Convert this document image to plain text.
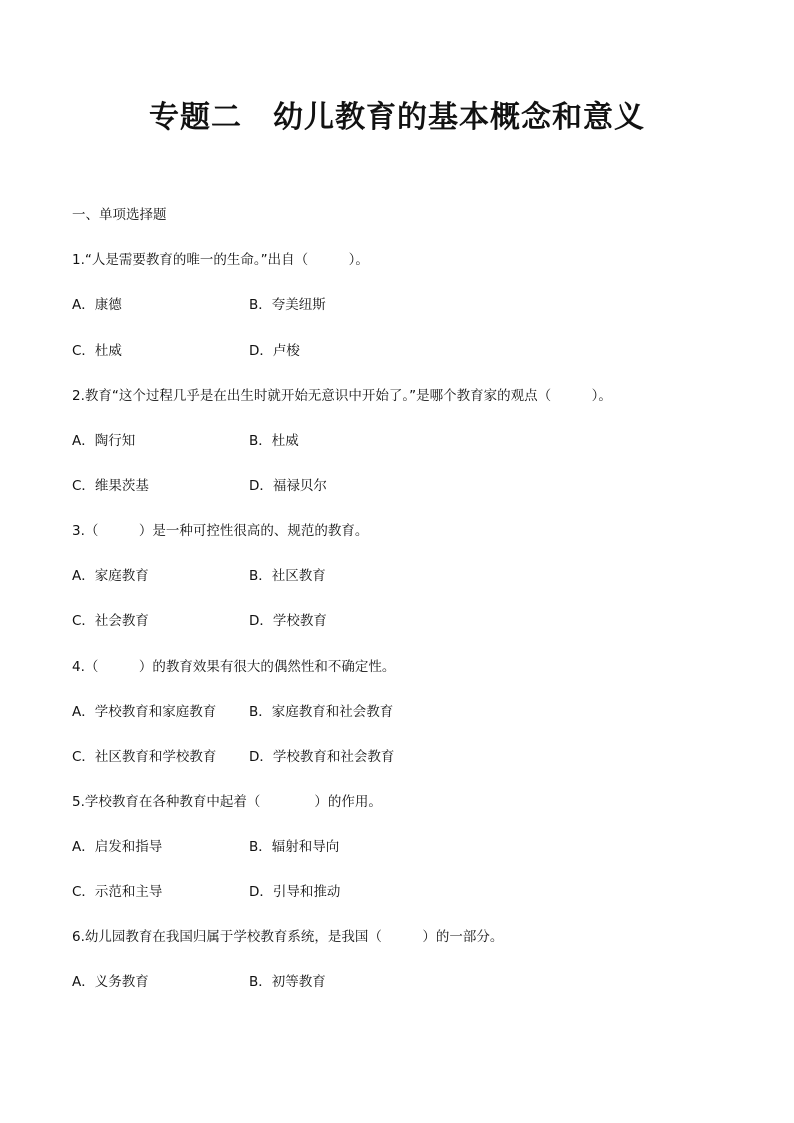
专题二　幼儿教育的基本概念和意义
一、单项选择题
1.“人是需要教育的唯一的生命。”出自（　　　）。
A．康德	B．夸美纽斯
C．杜威	D．卢梭
2.教育“这个过程几乎是在出生时就开始无意识中开始了。”是哪个教育家的观点（　　　）。
A．陶行知	B．杜威
C．维果茨基	D．福禄贝尔
3.（　　　）是一种可控性很高的、规范的教育。
A．家庭教育	B．社区教育
C．社会教育	D．学校教育
4.（　　　）的教育效果有很大的偶然性和不确定性。
A．学校教育和家庭教育 B．家庭教育和社会教育
C．社区教育和学校教育 D．学校教育和社会教育
5.学校教育在各种教育中起着（　　　　）的作用。
A．启发和指导	B．辐射和导向
C．示范和主导	D．引导和推动
6.幼儿园教育在我国归属于学校教育系统，是我国（　　　）的一部分。
A．义务教育	B．初等教育
